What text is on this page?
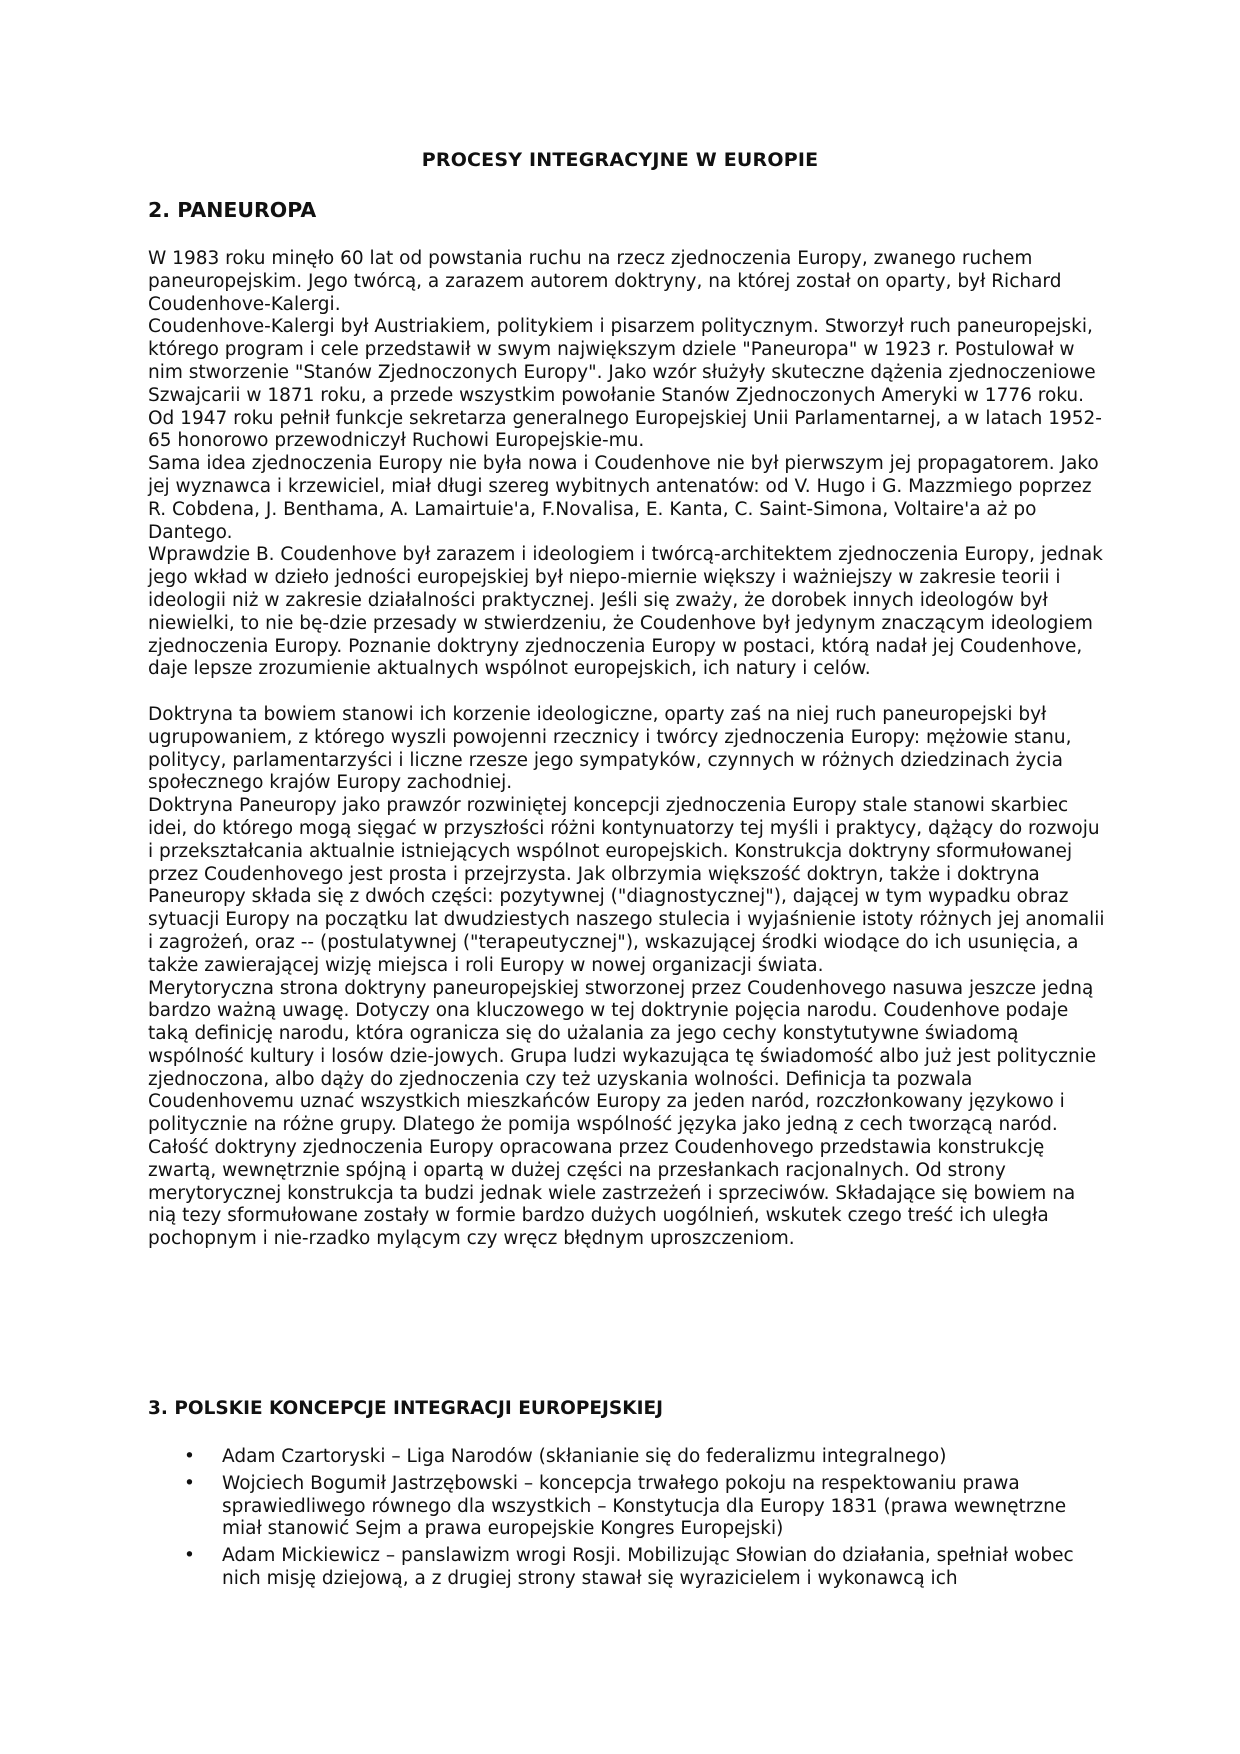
PROCESY INTEGRACYJNE W EUROPIE
2. PANEUROPA

W 1983 roku minęło 60 lat od powstania ruchu na rzecz zjednoczenia Europy, zwanego ruchem paneuropejskim. Jego twórcą, a zarazem autorem doktryny, na której został on oparty, był Richard Coudenhove-Kalergi.

Coudenhove-Kalergi był Austriakiem, politykiem i pisarzem politycznym. Stworzył ruch paneuropejski, którego program i cele przedstawił w swym największym dziele "Paneuropa" w 1923 r. Postulował w nim stworzenie "Stanów Zjednoczonych Europy". Jako wzór służyły skuteczne dążenia zjednoczeniowe Szwajcarii w 1871 roku, a przede wszystkim powołanie Stanów Zjednoczonych Ameryki w 1776 roku. Od 1947 roku pełnił funkcje sekretarza generalnego Europejskiej Unii Parlamentarnej, a w latach 1952-65 honorowo przewodniczył Ruchowi Europejskie-mu.

Sama idea zjednoczenia Europy nie była nowa i Coudenhove nie był pierwszym jej propagatorem. Jako jej wyznawca i krzewiciel, miał długi szereg wybitnych antenatów: od V. Hugo i G. Mazzmiego poprzez R. Cobdena, J. Benthama, A. Lamairtuie'a, F.Novalisa, E. Kanta, C. Saint-Simona, Voltaire'a aż po Dantego.

Wprawdzie B. Coudenhove był zarazem i ideologiem i twórcą-architektem zjednoczenia Europy, jednak jego wkład w dzieło jedności europejskiej był niepo-miernie większy i ważniejszy w zakresie teorii i ideologii niż w zakresie działalności praktycznej. Jeśli się zważy, że dorobek innych ideologów był niewielki, to nie bę-dzie przesady w stwierdzeniu, że Coudenhove był jedynym znaczącym ideologiem zjednoczenia Europy. Poznanie doktryny zjednoczenia Europy w postaci, którą nadał jej Coudenhove, daje lepsze zrozumienie aktualnych wspólnot europejskich, ich natury i celów.

Doktryna ta bowiem stanowi ich korzenie ideologiczne, oparty zaś na niej ruch paneuropejski był ugrupowaniem, z którego wyszli powojenni rzecznicy i twórcy zjednoczenia Europy: mężowie stanu, politycy, parlamentarzyści i liczne rzesze jego sympatyków, czynnych w różnych dziedzinach życia społecznego krajów Europy zachodniej.

Doktryna Paneuropy jako prawzór rozwiniętej koncepcji zjednoczenia Europy stale stanowi skarbiec idei, do którego mogą sięgać w przyszłości różni kontynuatorzy tej myśli i praktycy, dążący do rozwoju i przekształcania aktualnie istniejących wspólnot europejskich. Konstrukcja doktryny sformułowanej przez Coudenhovego jest prosta i przejrzysta. Jak olbrzymia większość doktryn, także i doktryna Paneuropy składa się z dwóch części: pozytywnej ("diagnostycznej"), dającej w tym wypadku obraz sytuacji Europy na początku lat dwudziestych naszego stulecia i wyjaśnienie istoty różnych jej anomalii i zagrożeń, oraz -- (postulatywnej ("terapeutycznej"), wskazującej środki wiodące do ich usunięcia, a także zawierającej wizję miejsca i roli Europy w nowej organizacji świata.

Merytoryczna strona doktryny paneuropejskiej stworzonej przez Coudenhovego nasuwa jeszcze jedną bardzo ważną uwagę. Dotyczy ona kluczowego w tej doktrynie pojęcia narodu. Coudenhove podaje taką definicję narodu, która ogranicza się do użalania za jego cechy konstytutywne świadomą wspólność kultury i losów dzie-jowych. Grupa ludzi wykazująca tę świadomość albo już jest politycznie zjednoczona, albo dąży do zjednoczenia czy też uzyskania wolności. Definicja ta pozwala Coudenhovemu uznać wszystkich mieszkańców Europy za jeden naród, rozczłonkowany językowo i politycznie na różne grupy. Dlatego że pomija wspólność języka jako jedną z cech tworzącą naród.

Całość doktryny zjednoczenia Europy opracowana przez Coudenhovego przedstawia konstrukcję zwartą, wewnętrznie spójną i opartą w dużej części na przesłankach racjonalnych. Od strony merytorycznej konstrukcja ta budzi jednak wiele zastrzeżeń i sprzeciwów. Składające się bowiem na nią tezy sformułowane zostały w formie bardzo dużych uogólnień, wskutek czego treść ich uległa pochopnym i nie-rzadko mylącym czy wręcz błędnym uproszczeniom.

3. POLSKIE KONCEPCJE INTEGRACJI EUROPEJSKIEJ
• Adam Czartoryski – Liga Narodów (skłanianie się do federalizmu integralnego)
• Wojciech Bogumił Jastrzębowski – koncepcja trwałego pokoju na respektowaniu prawa sprawiedliwego równego dla wszystkich – Konstytucja dla Europy 1831 (prawa wewnętrzne miał stanowić Sejm a prawa europejskie Kongres Europejski)
• Adam Mickiewicz – panslawizm wrogi Rosji. Mobilizując Słowian do działania, spełniał wobec nich misję dziejową, a z drugiej strony stawał się wyrazicielem i wykonawcą ich
